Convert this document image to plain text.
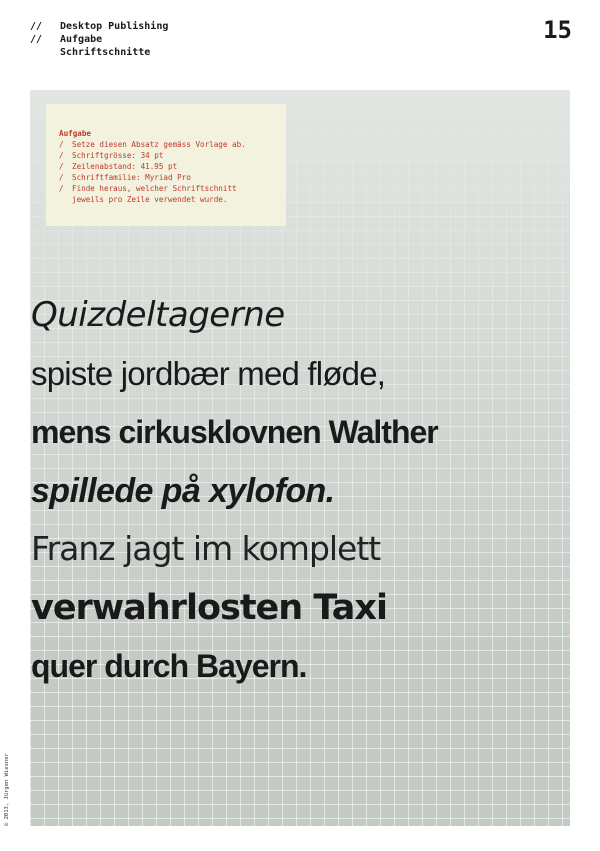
//	Desktop Publishing
//	Aufgabe
Schriftschnitte
15
Aufgabe
/	Setze diesen Absatz gemäss Vorlage ab.
/	Schriftgrösse: 34 pt
/	Zeilenabstand: 41.95 pt
/	Schriftfamilie: Myriad Pro
/	Finde heraus, welcher Schriftschnitt
jeweils pro Zeile verwendet wurde.
Quizdeltagerne
spiste jordbær med fløde,
mens cirkusklovnen Walther
spillede på xylofon.
Franz jagt im komplett
verwahrlosten Taxi
quer durch Bayern.
© 2013, Jürgen Wiesner
